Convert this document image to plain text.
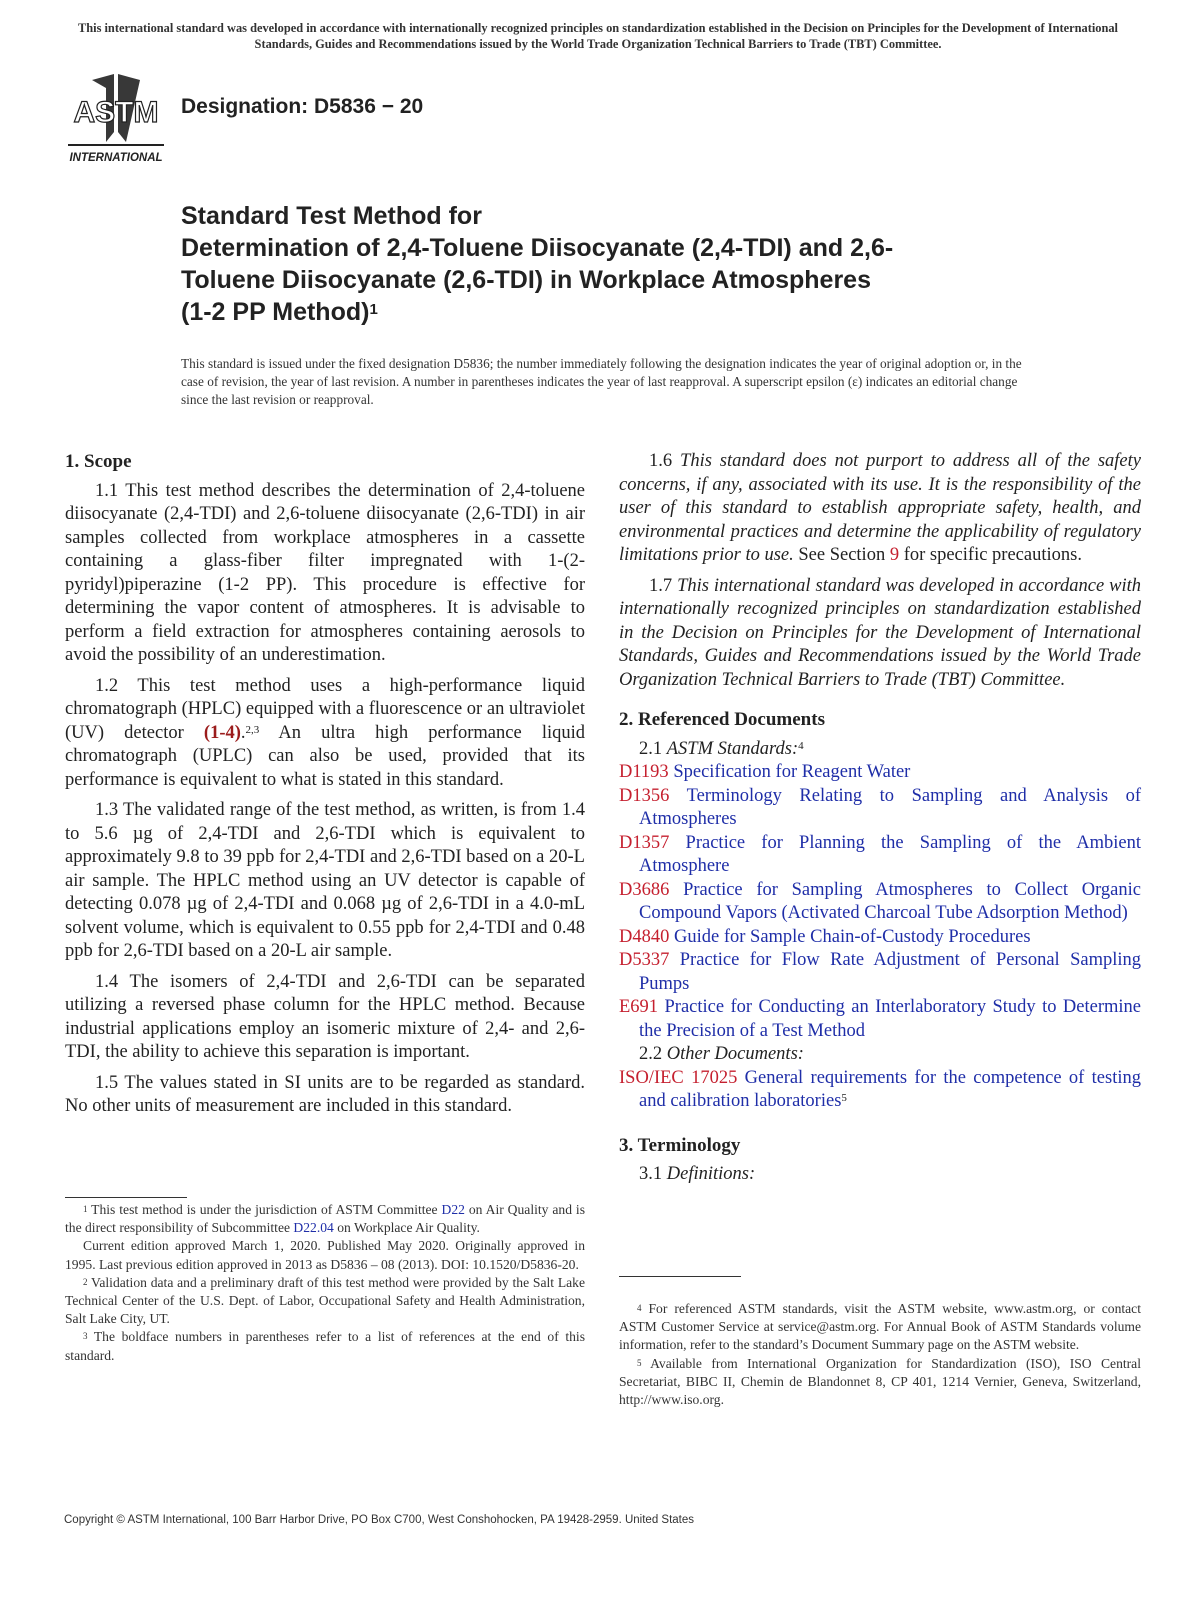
This international standard was developed in accordance with internationally recognized principles on standardization established in the Decision on Principles for the Development of International Standards, Guides and Recommendations issued by the World Trade Organization Technical Barriers to Trade (TBT) Committee.
ASTM
INTERNATIONAL
Designation: D5836 − 20
Standard Test Method for
Determination of 2,4-Toluene Diisocyanate (2,4-TDI) and 2,6-
Toluene Diisocyanate (2,6-TDI) in Workplace Atmospheres
(1-2 PP Method)$^1$
This standard is issued under the fixed designation D5836; the number immediately following the designation indicates the year of original adoption or, in the case of revision, the year of last revision. A number in parentheses indicates the year of last reapproval. A superscript epsilon (ε) indicates an editorial change since the last revision or reapproval.
1. Scope

1.1 This test method describes the determination of 2,4-toluene diisocyanate (2,4-TDI) and 2,6-toluene diisocyanate (2,6-TDI) in air samples collected from workplace atmospheres in a cassette containing a glass-fiber filter impregnated with 1-(2-pyridyl)piperazine (1-2 PP). This procedure is effective for determining the vapor content of atmospheres. It is advisable to perform a field extraction for atmospheres containing aerosols to avoid the possibility of an underestimation.

1.2 This test method uses a high-performance liquid chromatograph (HPLC) equipped with a fluorescence or an ultraviolet (UV) detector (1-4).$^{2,3}$ An ultra high performance liquid chromatograph (UPLC) can also be used, provided that its performance is equivalent to what is stated in this standard.

1.3 The validated range of the test method, as written, is from 1.4 to 5.6 µg of 2,4-TDI and 2,6-TDI which is equivalent to approximately 9.8 to 39 ppb for 2,4-TDI and 2,6-TDI based on a 20-L air sample. The HPLC method using an UV detector is capable of detecting 0.078 µg of 2,4-TDI and 0.068 µg of 2,6-TDI in a 4.0-mL solvent volume, which is equivalent to 0.55 ppb for 2,4-TDI and 0.48 ppb for 2,6-TDI based on a 20-L air sample.

1.4 The isomers of 2,4-TDI and 2,6-TDI can be separated utilizing a reversed phase column for the HPLC method. Because industrial applications employ an isomeric mixture of 2,4- and 2,6-TDI, the ability to achieve this separation is important.

1.5 The values stated in SI units are to be regarded as standard. No other units of measurement are included in this standard.

$^1$ This test method is under the jurisdiction of ASTM Committee D22 on Air Quality and is the direct responsibility of Subcommittee D22.04 on Workplace Air Quality.

Current edition approved March 1, 2020. Published May 2020. Originally approved in 1995. Last previous edition approved in 2013 as D5836 – 08 (2013). DOI: 10.1520/D5836-20.

$^2$ Validation data and a preliminary draft of this test method were provided by the Salt Lake Technical Center of the U.S. Dept. of Labor, Occupational Safety and Health Administration, Salt Lake City, UT.

$^3$ The boldface numbers in parentheses refer to a list of references at the end of this standard.

1.6 This standard does not purport to address all of the safety concerns, if any, associated with its use. It is the responsibility of the user of this standard to establish appropriate safety, health, and environmental practices and determine the applicability of regulatory limitations prior to use. See Section 9 for specific precautions.

1.7 This international standard was developed in accordance with internationally recognized principles on standardization established in the Decision on Principles for the Development of International Standards, Guides and Recommendations issued by the World Trade Organization Technical Barriers to Trade (TBT) Committee.

2. Referenced Documents

2.1 ASTM Standards:$^4$

D1193 Specification for Reagent Water

D1356 Terminology Relating to Sampling and Analysis of Atmospheres

D1357 Practice for Planning the Sampling of the Ambient Atmosphere

D3686 Practice for Sampling Atmospheres to Collect Organic Compound Vapors (Activated Charcoal Tube Adsorption Method)

D4840 Guide for Sample Chain-of-Custody Procedures

D5337 Practice for Flow Rate Adjustment of Personal Sampling Pumps

E691 Practice for Conducting an Interlaboratory Study to Determine the Precision of a Test Method

2.2 Other Documents:

ISO/IEC 17025 General requirements for the competence of testing and calibration laboratories$^5$

3. Terminology

3.1 Definitions:

$^4$ For referenced ASTM standards, visit the ASTM website, www.astm.org, or contact ASTM Customer Service at service@astm.org. For Annual Book of ASTM Standards volume information, refer to the standard’s Document Summary page on the ASTM website.

$^5$ Available from International Organization for Standardization (ISO), ISO Central Secretariat, BIBC II, Chemin de Blandonnet 8, CP 401, 1214 Vernier, Geneva, Switzerland, http://www.iso.org.

Copyright © ASTM International, 100 Barr Harbor Drive, PO Box C700, West Conshohocken, PA 19428-2959. United States
